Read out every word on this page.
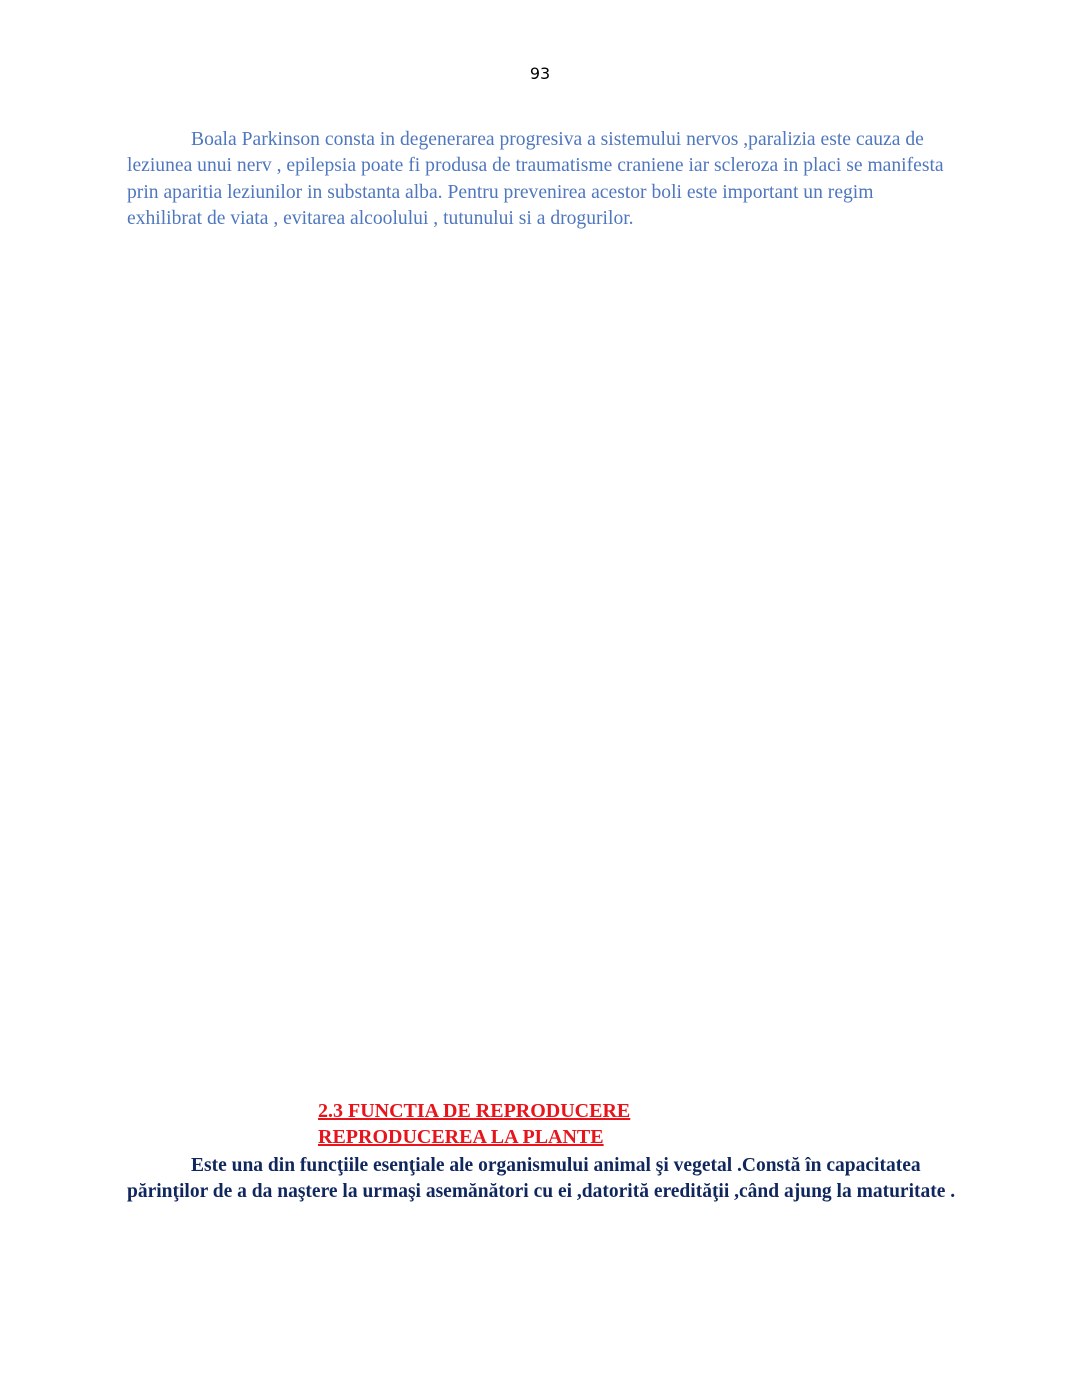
93
Boala Parkinson consta in degenerarea progresiva a sistemului nervos ,paralizia este cauza de leziunea unui nerv , epilepsia poate fi produsa de traumatisme craniene iar scleroza in placi se manifesta prin aparitia leziunilor in substanta alba. Pentru prevenirea acestor boli este important un regim exhilibrat de viata , evitarea alcoolului , tutunului si a drogurilor.
2.3 FUNCTIA DE REPRODUCERE
REPRODUCEREA LA PLANTE
Este una din funcţiile esenţiale ale organismului animal şi vegetal .Constă în capacitatea părinţilor de a da naştere la urmaşi asemănători cu ei ,datorită eredităţii ,când ajung la maturitate .
